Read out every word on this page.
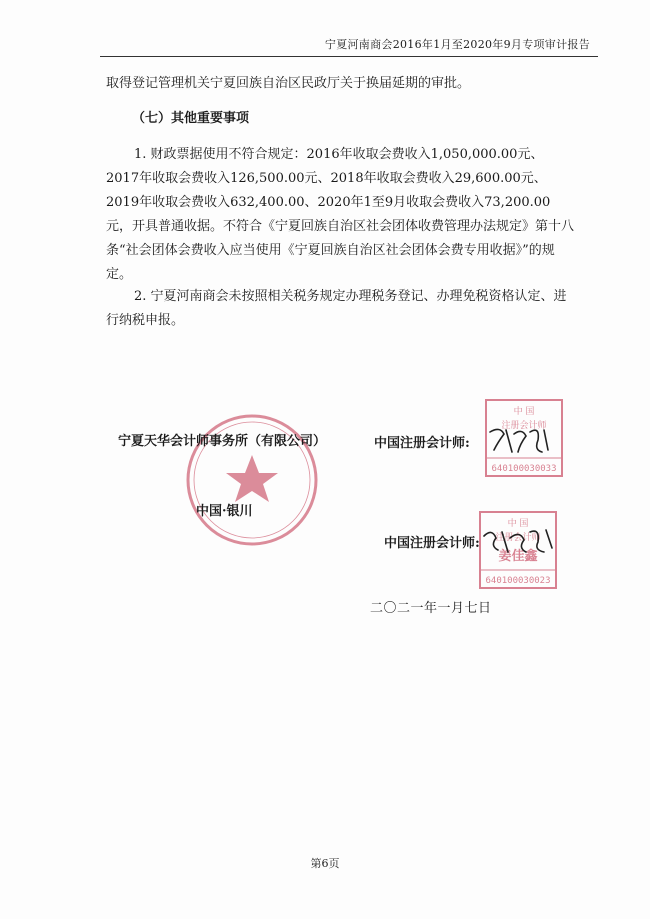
宁夏河南商会2016年1月至2020年9月专项审计报告

取得登记管理机关宁夏回族自治区民政厅关于换届延期的审批。

（七）其他重要事项

1. 财政票据使用不符合规定：2016年收取会费收入1,050,000.00元、2017年收取会费收入126,500.00元、2018年收取会费收入29,600.00元、2019年收取会费收入632,400.00、2020年1至9月收取会费收入73,200.00元，开具普通收据。不符合《宁夏回族自治区社会团体收费管理办法规定》第十八条“社会团体会费收入应当使用《宁夏回族自治区社会团体会费专用收据》”的规定。

2. 宁夏河南商会未按照相关税务规定办理税务登记、办理免税资格认定、进行纳税申报。

宁夏天华会计师事务所（有限公司）
中国·银川
中 国
注册会计师
640100030033
中国注册会计师:
中 国
注册会计师
姜佳鑫
640100030023
中国注册会计师:
二〇二一年一月七日
第6页
